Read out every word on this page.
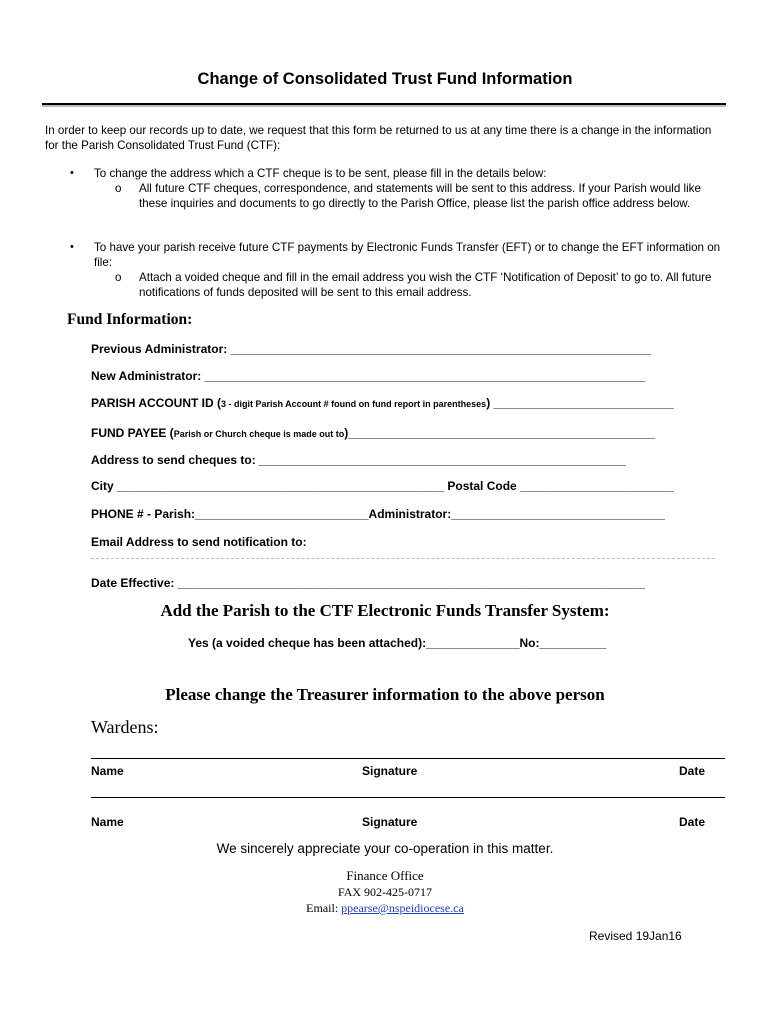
Change of Consolidated Trust Fund Information
In order to keep our records up to date, we request that this form be returned to us at any time there is a change in the information for the Parish Consolidated Trust Fund (CTF):
• To change the address which a CTF cheque is to be sent, please fill in the details below:
o All future CTF cheques, correspondence, and statements will be sent to this address. If your Parish would like these inquiries and documents to go directly to the Parish Office, please list the parish office address below.
• To have your parish receive future CTF payments by Electronic Funds Transfer (EFT) or to change the EFT information on file:
o Attach a voided cheque and fill in the email address you wish the CTF ‘Notification of Deposit’ to go to. All future notifications of funds deposited will be sent to this email address.
Fund Information:
Previous Administrator: _______________________________________________________________
New Administrator: __________________________________________________________________
PARISH ACCOUNT ID (3 - digit Parish Account # found on fund report in parentheses) ___________________________
FUND PAYEE (Parish or Church cheque is made out to)______________________________________________
Address to send cheques to: _______________________________________________________
City _________________________________________________ Postal Code _______________________
PHONE # - Parish:__________________________Administrator:________________________________
Email Address to send notification to:
Date Effective: ______________________________________________________________________
Add the Parish to the CTF Electronic Funds Transfer System:
Yes (a voided cheque has been attached):______________No:__________
Please change the Treasurer information to the above person
Wardens:
Name	Signature	Date
Name	Signature	Date
We sincerely appreciate your co-operation in this matter.
Finance Office
FAX 902-425-0717
Email: ppearse@nspeidiocese.ca
Revised 19Jan16
